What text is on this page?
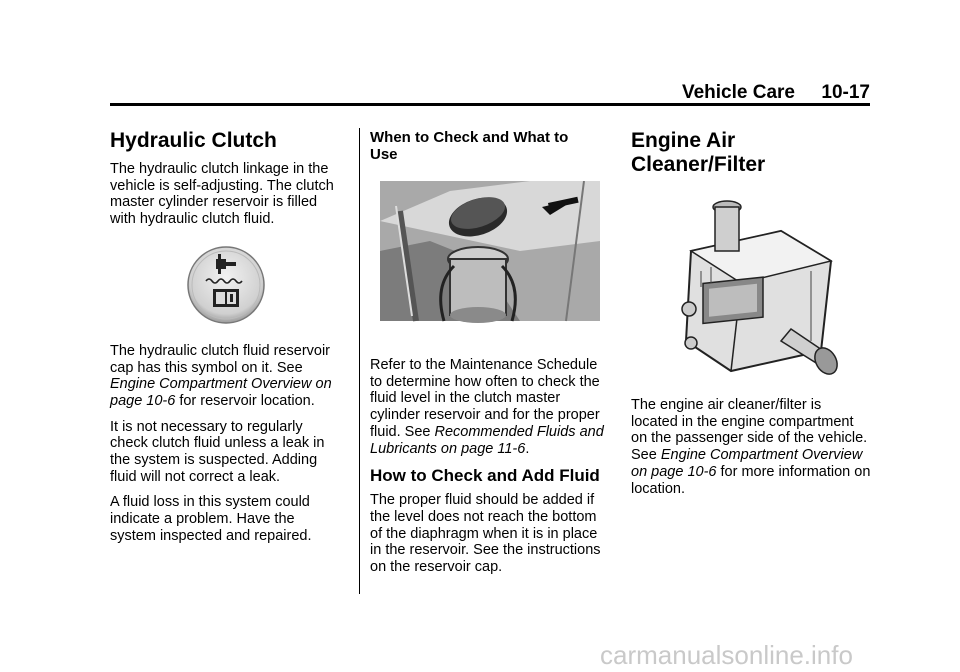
Vehicle Care 10-17
Hydraulic Clutch

The hydraulic clutch linkage in the vehicle is self-adjusting. The clutch master cylinder reservoir is filled with hydraulic clutch fluid.

The hydraulic clutch fluid reservoir cap has this symbol on it. See Engine Compartment Overview on page 10-6 for reservoir location.

It is not necessary to regularly check clutch fluid unless a leak in the system is suspected. Adding fluid will not correct a leak.

A fluid loss in this system could indicate a problem. Have the system inspected and repaired.

When to Check and What to Use

Refer to the Maintenance Schedule to determine how often to check the fluid level in the clutch master cylinder reservoir and for the proper fluid. See Recommended Fluids and Lubricants on page 11-6.

How to Check and Add Fluid

The proper fluid should be added if the level does not reach the bottom of the diaphragm when it is in place in the reservoir. See the instructions on the reservoir cap.

Engine Air Cleaner/Filter

The engine air cleaner/filter is located in the engine compartment on the passenger side of the vehicle. See Engine Compartment Overview on page 10-6 for more information on location.

carmanualsonline.info
